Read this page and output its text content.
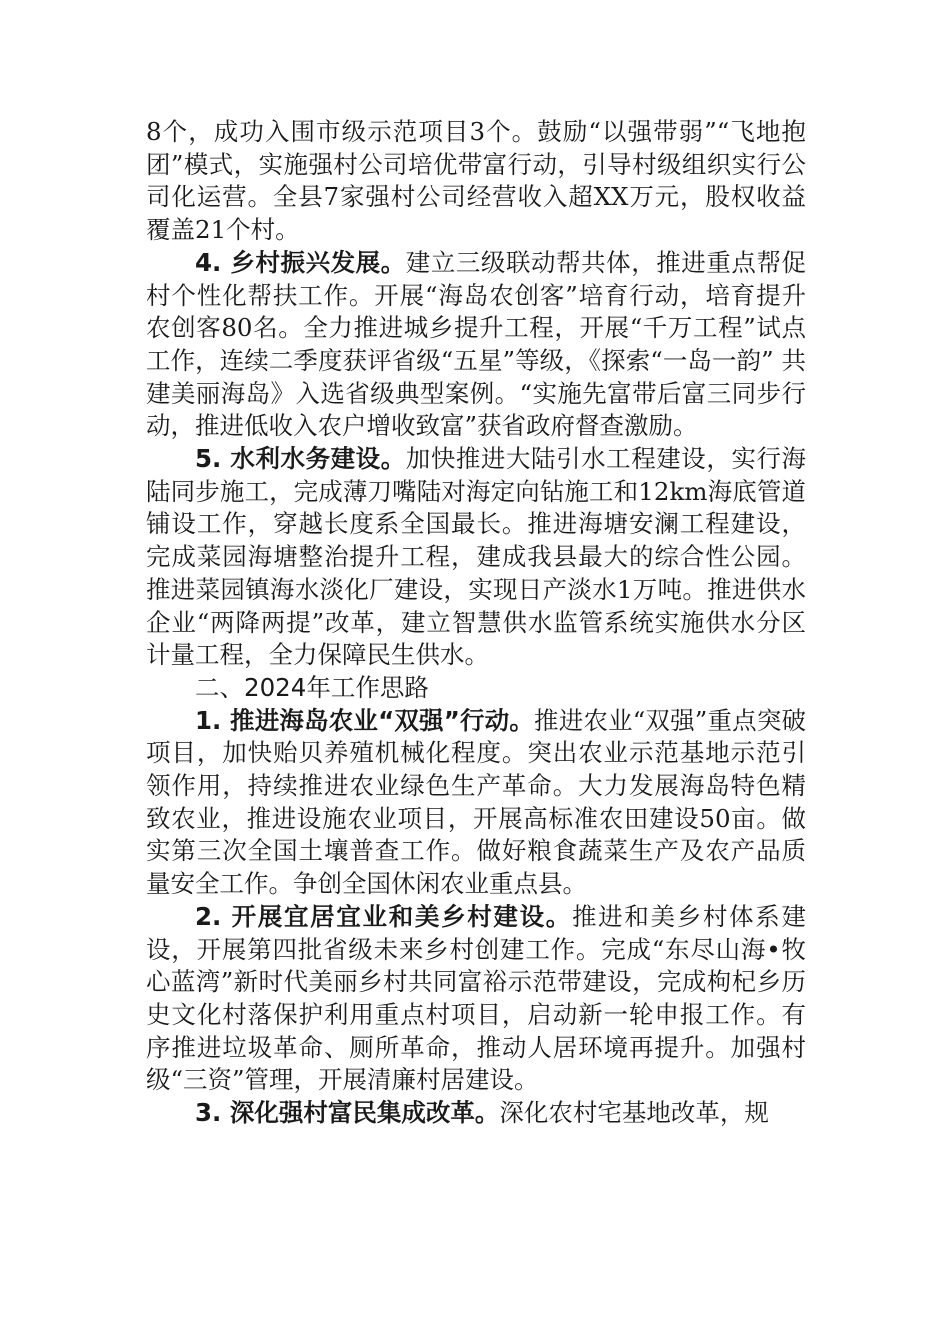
8个，成功入围市级示范项目3个。鼓励“以强带弱”“飞地抱团”模式，实施强村公司培优带富行动，引导村级组织实行公司化运营。全县7家强村公司经营收入超XX万元，股权收益覆盖21个村。

4. 乡村振兴发展。建立三级联动帮共体，推进重点帮促村个性化帮扶工作。开展“海岛农创客”培育行动，培育提升农创客80名。全力推进城乡提升工程，开展“千万工程”试点工作，连续二季度获评省级“五星”等级，《探索“一岛一韵” 共建美丽海岛》入选省级典型案例。“实施先富带后富三同步行动，推进低收入农户增收致富”获省政府督查激励。

5. 水利水务建设。加快推进大陆引水工程建设，实行海陆同步施工，完成薄刀嘴陆对海定向钻施工和12km海底管道铺设工作，穿越长度系全国最长。推进海塘安澜工程建设，完成菜园海塘整治提升工程，建成我县最大的综合性公园。推进菜园镇海水淡化厂建设，实现日产淡水1万吨。推进供水企业“两降两提”改革，建立智慧供水监管系统实施供水分区计量工程，全力保障民生供水。

二、2024年工作思路

1. 推进海岛农业“双强”行动。推进农业“双强”重点突破项目，加快贻贝养殖机械化程度。突出农业示范基地示范引领作用，持续推进农业绿色生产革命。大力发展海岛特色精致农业，推进设施农业项目，开展高标准农田建设50亩。做实第三次全国土壤普查工作。做好粮食蔬菜生产及农产品质量安全工作。争创全国休闲农业重点县。

2. 开展宜居宜业和美乡村建设。推进和美乡村体系建设，开展第四批省级未来乡村创建工作。完成“东尽山海•牧心蓝湾”新时代美丽乡村共同富裕示范带建设，完成枸杞乡历史文化村落保护利用重点村项目，启动新一轮申报工作。有序推进垃圾革命、厕所革命，推动人居环境再提升。加强村级“三资”管理，开展清廉村居建设。

3. 深化强村富民集成改革。深化农村宅基地改革，规
